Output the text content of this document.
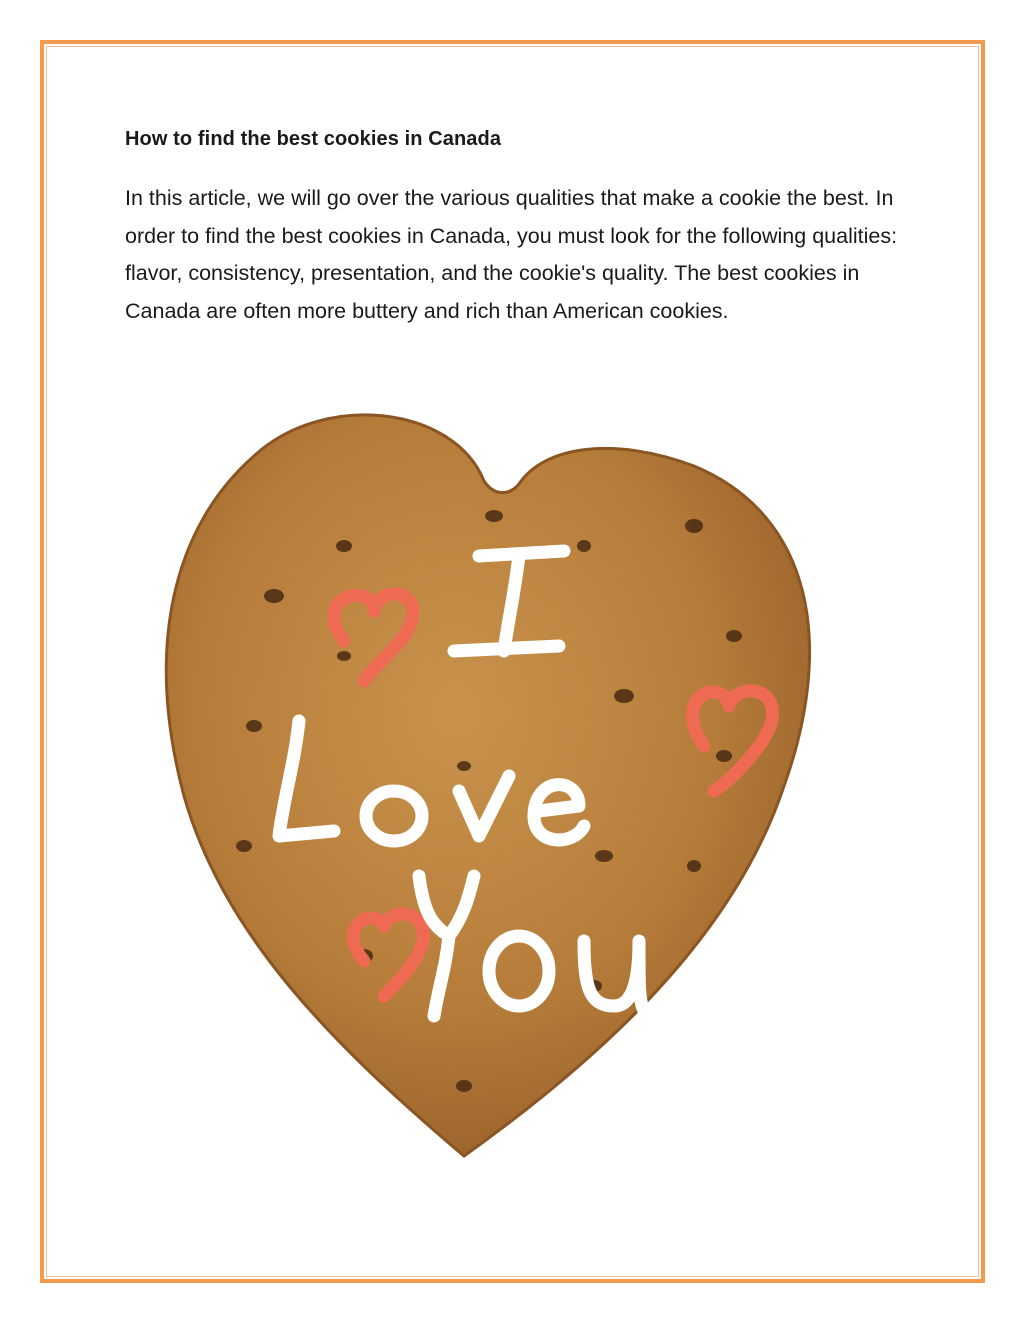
How to find the best cookies in Canada

In this article, we will go over the various qualities that make a cookie the best. In order to find the best cookies in Canada, you must look for the following qualities: flavor, consistency, presentation, and the cookie's quality. The best cookies in Canada are often more buttery and rich than American cookies.
